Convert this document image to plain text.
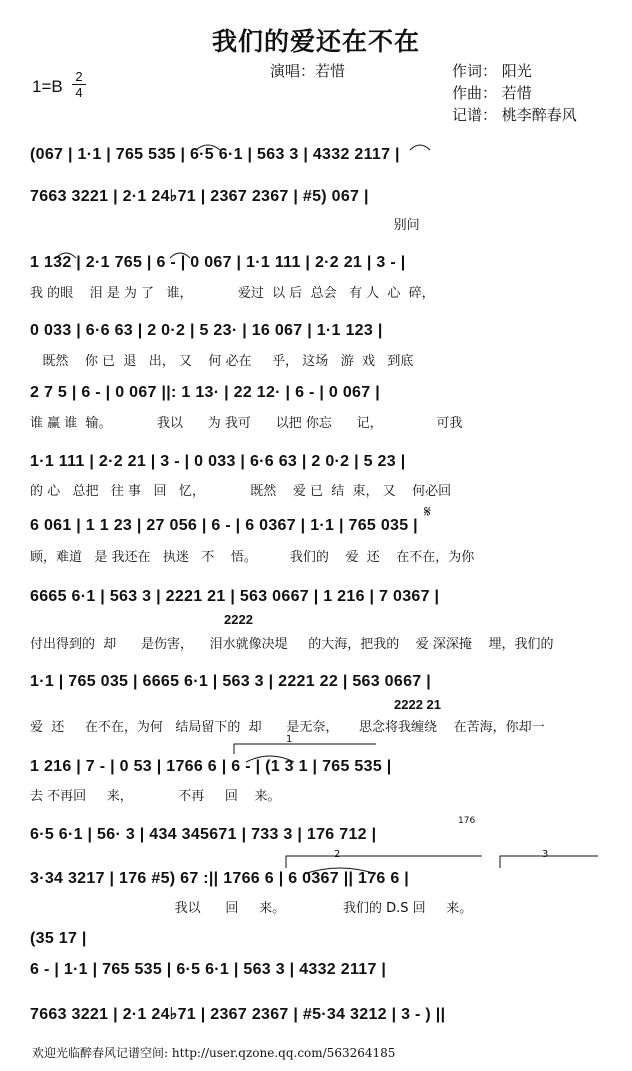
我们的爱还在不在
演唱：若惜	作词： 阳光
作曲： 若惜
记谱： 桃李醉春风
1=B
2
4
(067 | 1·1 | 765 535 | 6·5 6·1 | 563 3 | 4332 2117 |
7663 3221 | 2·1 24♭71 | 2367 2367 | #5) 067 |
别问
1 132 | 2·1 765 | 6 - | 0 067 | 1·1 111 | 2·2 21 | 3 - |
我 的眼    泪 是 为 了   谁，           爱过  以 后  总会   有 人  心  碎，
0 033 | 6·6 63 | 2 0·2 | 5 23· | 16 067 | 1·1 123 |
既然    你 已  退   出， 又    何 必在     乎， 这场   游  戏   到底
2 7 5 | 6 - | 0 067 ||: 1 13· | 22 12· | 6 - | 0 067 |
谁 赢 谁  输。           我以      为 我可      以把 你忘      记，             可我
1·1 111 | 2·2 21 | 3 - | 0 033 | 6·6 63 | 2 0·2 | 5 23 |
的 心   总把   往 事   回   忆，           既然    爱 已  结  束， 又    何必回
6 061 | 1 1 23 | 27 056 | 6 - | 6 0367 | 1·1 | 765 035 |
顾，难道   是 我还在   执迷   不    悟。        我们的    爱  还    在不在，为你
𝄋
6665 6·1 | 563 3 | 2221 21 | 563 0667 | 1 216 | 7 0367 |
2222
付出得到的  却      是伤害，    泪水就像决堤     的大海，把我的    爱 深深掩    埋，我们的
1·1 | 765 035 | 6665 6·1 | 563 3 | 2221 22 | 563 0667 |
2222 21
爱  还     在不在，为何   结局留下的  却      是无奈，     思念将我缠绕    在苦海，你却一
1 216 | 7 - | 0 53 | 1766 6 | 6 - | (1 3 1 | 765 535 |
去 不再回     来，           不再     回    来。
1
6·5 6·1 | 56· 3 | 434 345671 | 733 3 | 176 712 |
176
3·34 3217 | 176 #5) 67 :|| 1766 6 | 6 0367 || 176 6 |
我以      回     来。              我们的 D.S 回     来。
2	3
(35 17 |
6 - | 1·1 | 765 535 | 6·5 6·1 | 563 3 | 4332 2117 |
7663 3221 | 2·1 24♭71 | 2367 2367 | #5·34 3212 | 3 - ) ||
欢迎光临醉春风记谱空间: http://user.qzone.qq.com/563264185
